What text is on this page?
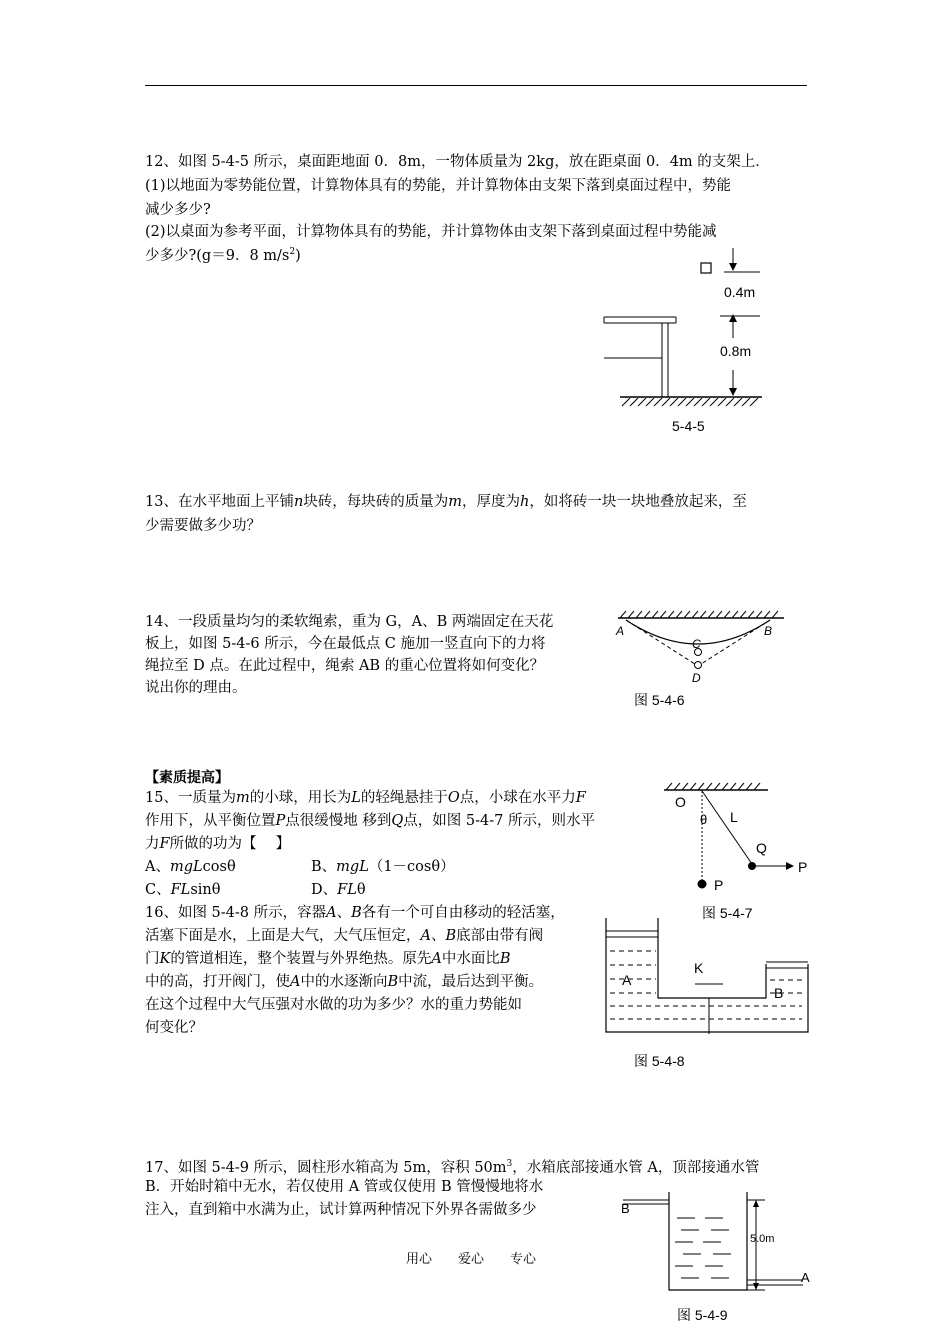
12、如图 5-4-5 所示，桌面距地面 0．8m，一物体质量为 2kg，放在距桌面 0．4m 的支架上．
(1)以地面为零势能位置，计算物体具有的势能，并计算物体由支架下落到桌面过程中，势能
减少多少?
(2)以桌面为参考平面，计算物体具有的势能，并计算物体由支架下落到桌面过程中势能减
少多少?(g＝9．8 $m/s^2$)
0.4m
0.8m
5-4-5
13、在水平地面上平铺n块砖，每块砖的质量为m，厚度为h，如将砖一块一块地叠放起来，至
少需要做多少功？
14、一段质量均匀的柔软绳索，重为 G，A、B 两端固定在天花
板上，如图 5-4-6 所示，今在最低点 C 施加一竖直向下的力将
绳拉至 D 点。在此过程中，绳索 AB 的重心位置将如何变化？
说出你的理由。
A	B
C
D
图 5-4-6
【素质提高】
15、一质量为m的小球，用长为L的轻绳悬挂于O点，小球在水平力F
作用下，从平衡位置P点很缓慢地 移到Q点，如图 5-4-7 所示，则水平
力F所做的功为【　 】
A、mgLcosθ	B、mgL（1－cosθ）
C、FLsinθ	D、FLθ
O
θ L
Q
P
P
图 5-4-7
16、如图 5-4-8 所示，容器A、B各有一个可自由移动的轻活塞，
活塞下面是水，上面是大气，大气压恒定，A、B底部由带有阀
门K的管道相连，整个装置与外界绝热。原先A中水面比B
中的高，打开阀门，使A中的水逐渐向B中流，最后达到平衡。
在这个过程中大气压强对水做的功为多少？水的重力势能如
何变化？
K
A
B
图 5-4-8
17、如图 5-4-9 所示，圆柱形水箱高为 5m，容积 $50m^3$，水箱底部接通水管 A，顶部接通水管
B．开始时箱中无水，若仅使用 A 管或仅使用 B 管慢慢地将水
注入，直到箱中水满为止，试计算两种情况下外界各需做多少	B
5.0m
A
图 5-4-9
用心　　爱心　　专心
